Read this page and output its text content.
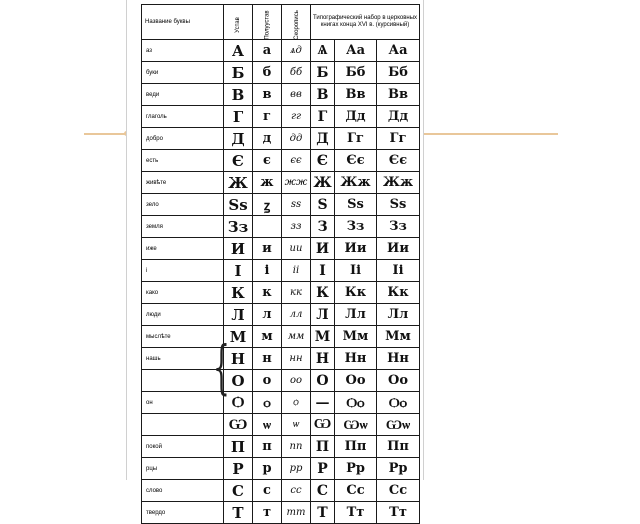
Название буквы	Устав	Полуустав	Скоропись	Типографический набор в церковных книгах конца XVI в. (курсивный)		
аз	А	а	ѧд	Ѧ	Аа	Аа
буки	Б	б	бб	Б	Бб	Бб
веди	В	в	вв	В	Вв	Вв
глаголь	Г	г	гг	Г	Дд	Дд
добро	Д	д	дд	Д	Гг	Гг
есть	Є	є	єє	Є	Єє	Єє
живѣте	Ж	ж	жж	Ж	Жж	Жж
зело	Ѕѕ	ꙁ	ѕѕ	Ѕ	Ѕѕ	Ѕѕ
земля	Зз		зз	З	Зз	Зз
иже	И	и	ии	И	Ии	Ии
і	І	і	іі	І	Іі	Іі
како	К	к	кк	К	Кк	Кк
люди	Л	л	лл	Л	Лл	Лл
мыслѣте	М	м	мм	М	Мм	Мм
нашь	Н	н	нн	Н	Нн	Нн
	О	о	оо	О	Оо	Оо
он	Ѻ	ѻ	ѻ	—	Ѻѻ	Ѻѻ
	Ѡ	ѡ	ѡ	Ѡ	Ѡѡ	Ѡѡ
покой	П	п	пп	П	Пп	Пп
рцы	Р	р	рр	Р	Рр	Рр
слово	С	с	сс	С	Сс	Сс
твердо	Т	т	тт	Т	Тт	Тт
{
